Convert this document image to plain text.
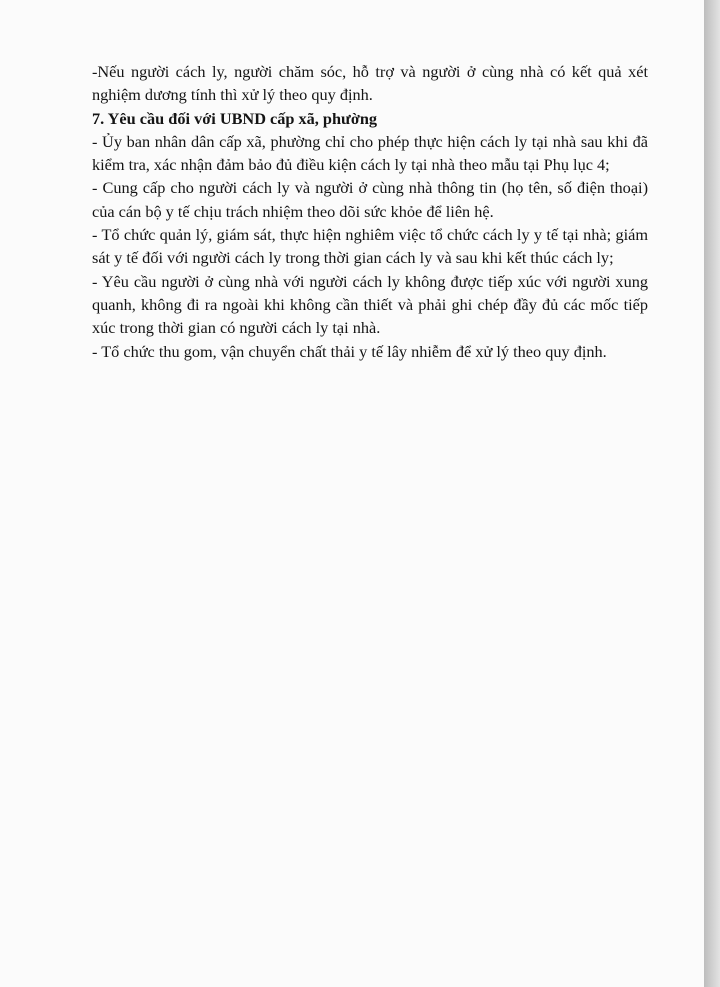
-Nếu người cách ly, người chăm sóc, hỗ trợ và người ở cùng nhà có kết quả xét nghiệm dương tính thì xử lý theo quy định.

7. Yêu cầu đối với UBND cấp xã, phường

- Ủy ban nhân dân cấp xã, phường chỉ cho phép thực hiện cách ly tại nhà sau khi đã kiểm tra, xác nhận đảm bảo đủ điều kiện cách ly tại nhà theo mẫu tại Phụ lục 4;

- Cung cấp cho người cách ly và người ở cùng nhà thông tin (họ tên, số điện thoại) của cán bộ y tế chịu trách nhiệm theo dõi sức khỏe để liên hệ.

- Tổ chức quản lý, giám sát, thực hiện nghiêm việc tổ chức cách ly y tế tại nhà; giám sát y tế đối với người cách ly trong thời gian cách ly và sau khi kết thúc cách ly;

- Yêu cầu người ở cùng nhà với người cách ly không được tiếp xúc với người xung quanh, không đi ra ngoài khi không cần thiết và phải ghi chép đầy đủ các mốc tiếp xúc trong thời gian có người cách ly tại nhà.

- Tổ chức thu gom, vận chuyển chất thải y tế lây nhiễm để xử lý theo quy định.
